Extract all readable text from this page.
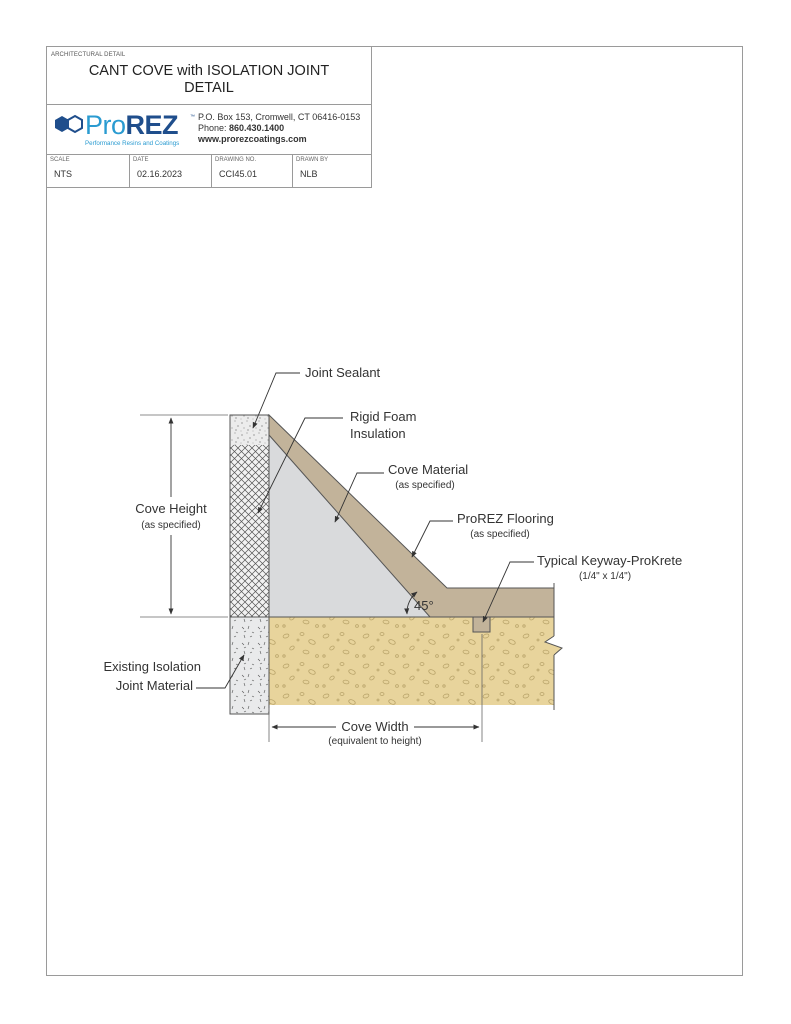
ARCHITECTURAL DETAIL
CANT COVE with ISOLATION JOINT
DETAIL
ProREZ ™
Performance Resins and Coatings
P.O. Box 153, Cromwell, CT 06416-0153
Phone: 860.430.1400
www.prorezcoatings.com
SCALE
NTS
DATE
02.16.2023
DRAWING NO.
CCI45.01
DRAWN BY
NLB
Cove Height
(as specified)
Cove Width
(equivalent to height)
45°
Joint Sealant
Rigid Foam
Insulation
Cove Material
(as specified)
ProREZ Flooring
(as specified)
Typical Keyway-ProKrete
(1/4" x 1/4")
Existing Isolation
Joint Material
